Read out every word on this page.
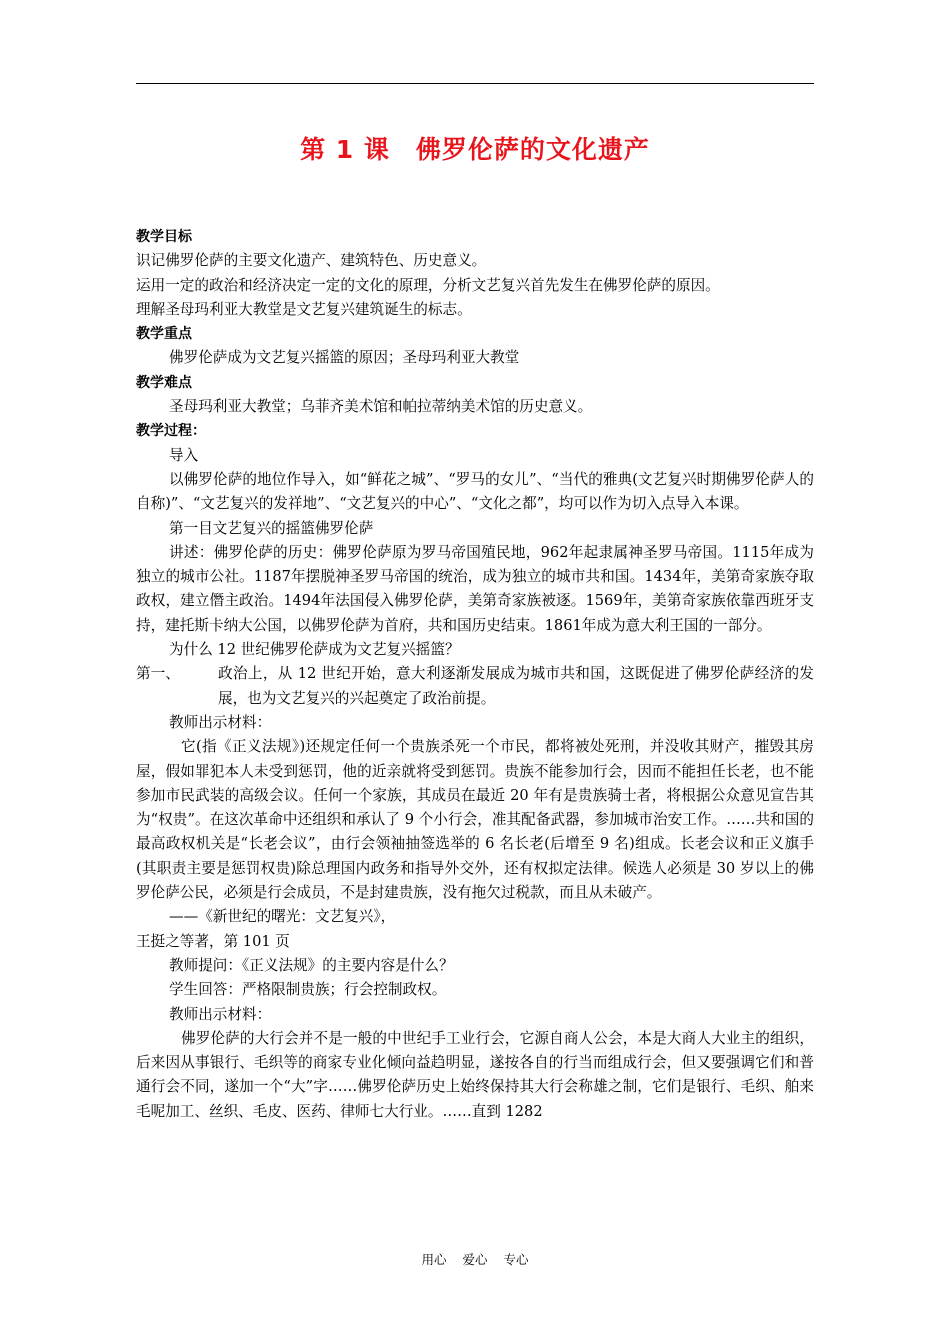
第 1 课　佛罗伦萨的文化遗产

教学目标

识记佛罗伦萨的主要文化遗产、建筑特色、历史意义。

运用一定的政治和经济决定一定的文化的原理，分析文艺复兴首先发生在佛罗伦萨的原因。

理解圣母玛利亚大教堂是文艺复兴建筑诞生的标志。

教学重点

佛罗伦萨成为文艺复兴摇篮的原因；圣母玛利亚大教堂

教学难点

圣母玛利亚大教堂；乌菲齐美术馆和帕拉蒂纳美术馆的历史意义。

教学过程：

导入

以佛罗伦萨的地位作导入，如“鲜花之城”、“罗马的女儿”、“当代的雅典(文艺复兴时期佛罗伦萨人的自称)”、“文艺复兴的发祥地”、“文艺复兴的中心”、“文化之都”，均可以作为切入点导入本课。

第一目文艺复兴的摇篮佛罗伦萨

讲述：佛罗伦萨的历史：佛罗伦萨原为罗马帝国殖民地，962年起隶属神圣罗马帝国。1115年成为独立的城市公社。1187年摆脱神圣罗马帝国的统治，成为独立的城市共和国。1434年，美第奇家族夺取政权，建立僭主政治。1494年法国侵入佛罗伦萨，美第奇家族被逐。1569年，美第奇家族依靠西班牙支持，建托斯卡纳大公国，以佛罗伦萨为首府，共和国历史结束。1861年成为意大利王国的一部分。

为什么 12 世纪佛罗伦萨成为文艺复兴摇篮？

第一、	政治上，从 12 世纪开始，意大利逐渐发展成为城市共和国，这既促进了佛罗伦萨经济的发展，也为文艺复兴的兴起奠定了政治前提。

教师出示材料：

它(指《正义法规》)还规定任何一个贵族杀死一个市民，都将被处死刑，并没收其财产，摧毁其房屋，假如罪犯本人未受到惩罚，他的近亲就将受到惩罚。贵族不能参加行会，因而不能担任长老，也不能参加市民武装的高级会议。任何一个家族，其成员在最近 20 年有是贵族骑士者，将根据公众意见宣告其为“权贵”。在这次革命中还组织和承认了 9 个小行会，准其配备武器，参加城市治安工作。……共和国的最高政权机关是“长老会议”，由行会领袖抽签选举的 6 名长老(后增至 9 名)组成。长老会议和正义旗手(其职责主要是惩罚权贵)除总理国内政务和指导外交外，还有权拟定法律。候选人必须是 30 岁以上的佛罗伦萨公民，必须是行会成员，不是封建贵族，没有拖欠过税款，而且从未破产。

——《新世纪的曙光：文艺复兴》，

王挺之等著，第 101 页

教师提问：《正义法规》的主要内容是什么？

学生回答：严格限制贵族；行会控制政权。

教师出示材料：

佛罗伦萨的大行会并不是一般的中世纪手工业行会，它源自商人公会，本是大商人大业主的组织，后来因从事银行、毛织等的商家专业化倾向益趋明显，遂按各自的行当而组成行会，但又要强调它们和普通行会不同，遂加一个“大”字……佛罗伦萨历史上始终保持其大行会称雄之制，它们是银行、毛织、舶来毛呢加工、丝织、毛皮、医药、律师七大行业。……直到 1282

用心 爱心 专心
